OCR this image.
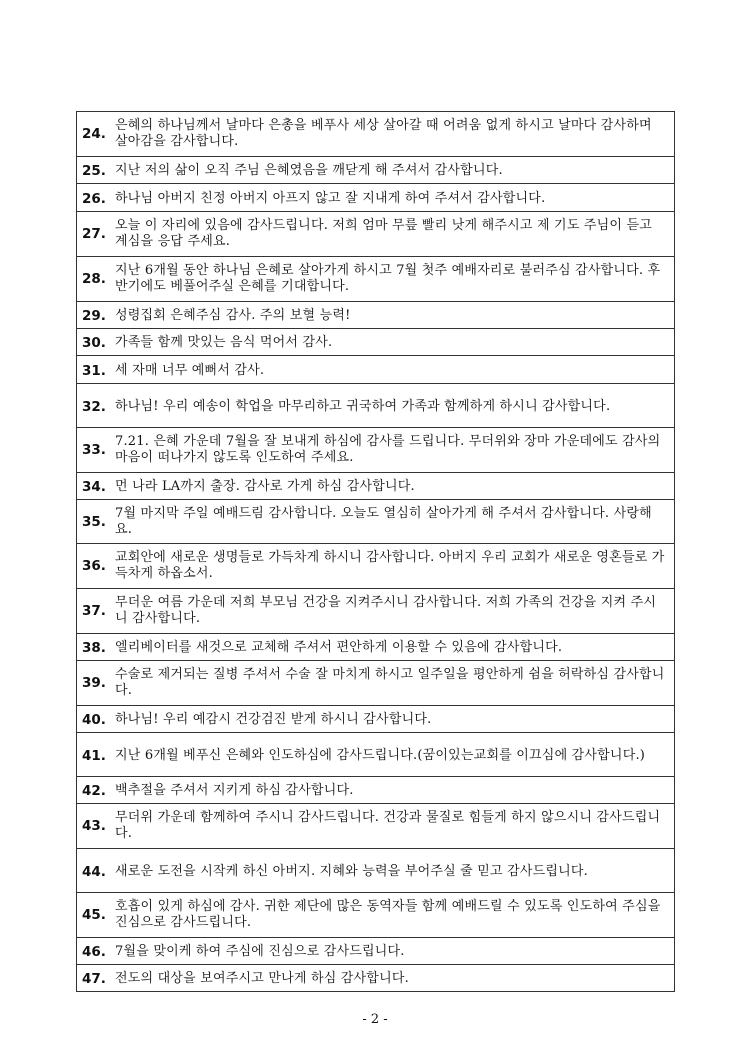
24.은혜의 하나님께서 날마다 은총을 베푸사 세상 살아갈 때 어려움 없게 하시고 날마다 감사하며 살아감을 감사합니다.
25. 지난 저의 삶이 오직 주님 은혜였음을 깨닫게 해 주셔서 감사합니다.
26. 하나님 아버지 친정 아버지 아프지 않고 잘 지내게 하여 주셔서 감사합니다.
27.오늘 이 자리에 있음에 감사드립니다. 저희 엄마 무릎 빨리 낫게 해주시고 제 기도 주님이 듣고 계심을 응답 주세요.
28.지난 6개월 동안 하나님 은혜로 살아가게 하시고 7월 첫주 예배자리로 불러주심 감사합니다. 후반기에도 베풀어주실 은혜를 기대합니다.
29. 성령집회 은혜주심 감사. 주의 보혈 능력!
30. 가족들 함께 맛있는 음식 먹어서 감사.
31. 세 자매 너무 예뻐서 감사.
32. 하나님! 우리 예송이 학업을 마무리하고 귀국하여 가족과 함께하게 하시니 감사합니다.
33.7.21. 은혜 가운데 7월을 잘 보내게 하심에 감사를 드립니다. 무더위와 장마 가운데에도 감사의 마음이 떠나가지 않도록 인도하여 주세요.
34. 먼 나라 LA까지 출장. 감사로 가게 하심 감사합니다.
35.7월 마지막 주일 예배드림 감사합니다. 오늘도 열심히 살아가게 해 주셔서 감사합니다. 사랑해요.
36.교회안에 새로운 생명들로 가득차게 하시니 감사합니다. 아버지 우리 교회가 새로운 영혼들로 가득차게 하옵소서.
37.무더운 여름 가운데 저희 부모님 건강을 지켜주시니 감사합니다. 저희 가족의 건강을 지켜 주시니 감사합니다.
38. 엘리베이터를 새것으로 교체해 주셔서 편안하게 이용할 수 있음에 감사합니다.
39.수술로 제거되는 질병 주셔서 수술 잘 마치게 하시고 일주일을 평안하게 쉼을 허락하심 감사합니다.
40. 하나님! 우리 예감시 건강검진 받게 하시니 감사합니다.
41. 지난 6개월 베푸신 은혜와 인도하심에 감사드립니다.(꿈이있는교회를 이끄심에 감사합니다.)
42. 백추절을 주셔서 지키게 하심 감사합니다.
43.무더위 가운데 함께하여 주시니 감사드립니다. 건강과 물질로 힘들게 하지 않으시니 감사드립니다.
44. 새로운 도전을 시작케 하신 아버지. 지혜와 능력을 부어주실 줄 믿고 감사드립니다.
45.호흡이 있게 하심에 감사. 귀한 제단에 많은 동역자들 함께 예배드릴 수 있도록 인도하여 주심을 진심으로 감사드립니다.
46. 7월을 맞이케 하여 주심에 진심으로 감사드립니다.
47. 전도의 대상을 보여주시고 만나게 하심 감사합니다.
- 2 -
